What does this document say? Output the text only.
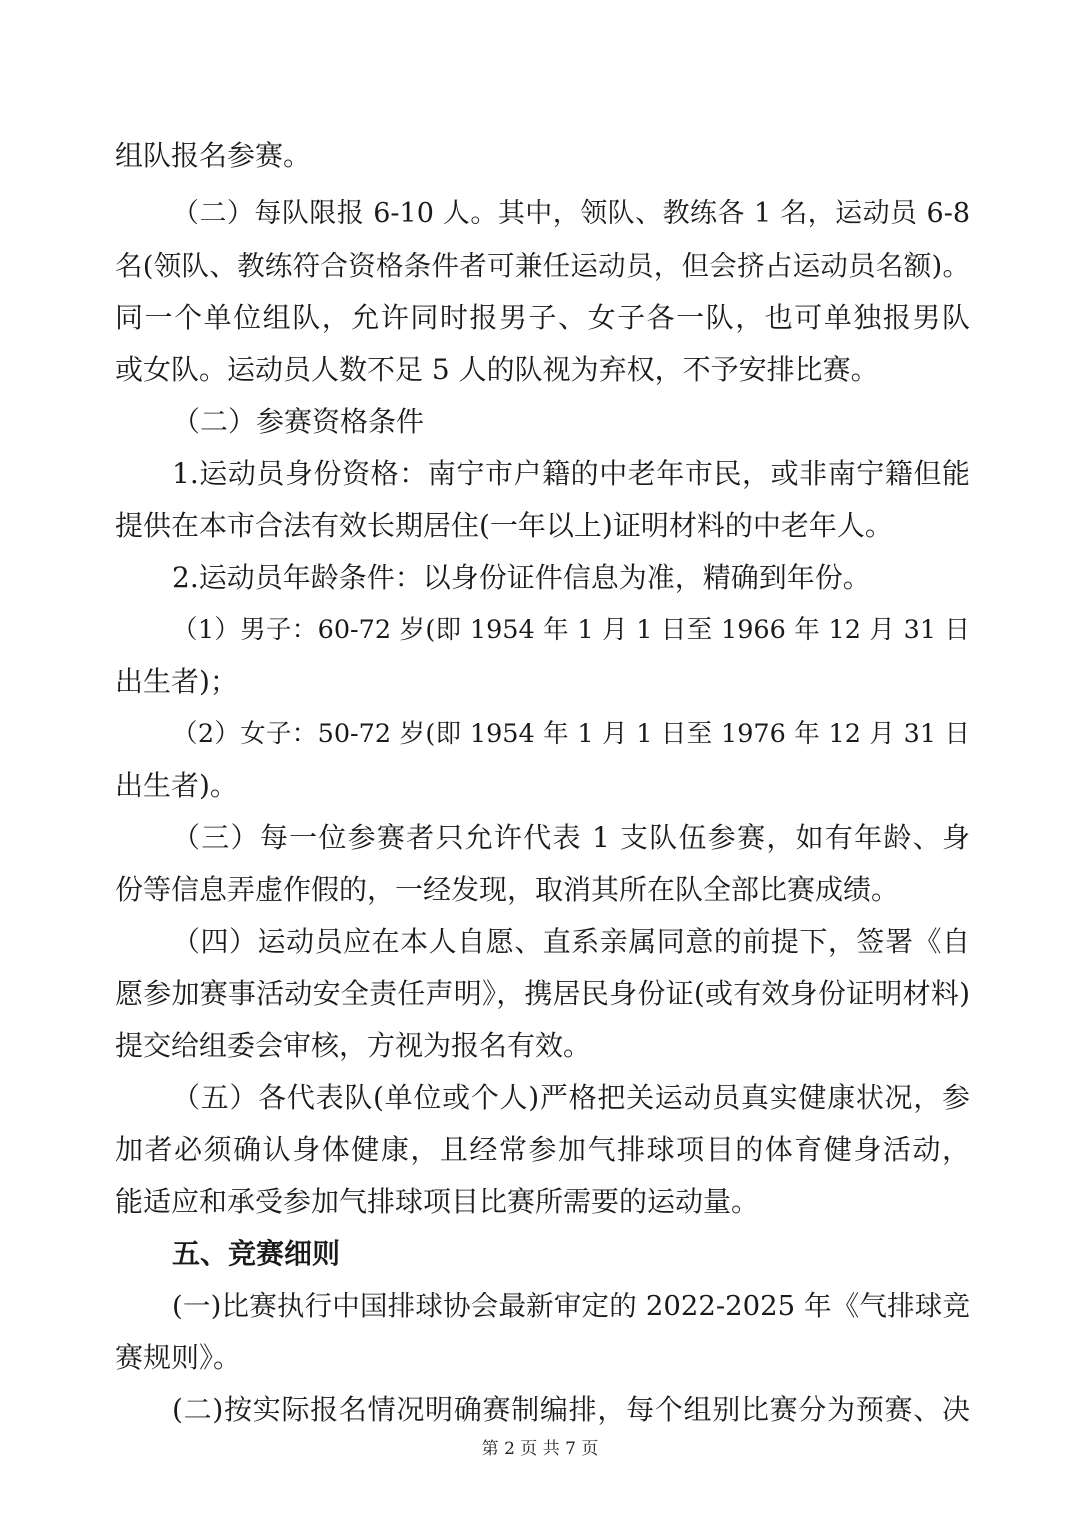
组队报名参赛。
（二）每队限报 6-10 人。其中，领队、教练各 1 名，运动员 6-8
名(领队、教练符合资格条件者可兼任运动员，但会挤占运动员名额)。
同一个单位组队，允许同时报男子、女子各一队，也可单独报男队
或女队。运动员人数不足 5 人的队视为弃权，不予安排比赛。
（二）参赛资格条件
1.运动员身份资格：南宁市户籍的中老年市民，或非南宁籍但能
提供在本市合法有效长期居住(一年以上)证明材料的中老年人。
2.运动员年龄条件：以身份证件信息为准，精确到年份。
（1）男子：60-72 岁(即 1954 年 1 月 1 日至 1966 年 12 月 31 日
出生者)；
（2）女子：50-72 岁(即 1954 年 1 月 1 日至 1976 年 12 月 31 日
出生者)。
（三）每一位参赛者只允许代表 1 支队伍参赛，如有年龄、身
份等信息弄虚作假的，一经发现，取消其所在队全部比赛成绩。
（四）运动员应在本人自愿、直系亲属同意的前提下，签署《自
愿参加赛事活动安全责任声明》，携居民身份证(或有效身份证明材料)
提交给组委会审核，方视为报名有效。
（五）各代表队(单位或个人)严格把关运动员真实健康状况，参
加者必须确认身体健康，且经常参加气排球项目的体育健身活动，
能适应和承受参加气排球项目比赛所需要的运动量。
五、竞赛细则
(一)比赛执行中国排球协会最新审定的 2022-2025 年《气排球竞
赛规则》。
(二)按实际报名情况明确赛制编排，每个组别比赛分为预赛、决
第 2 页 共 7 页
